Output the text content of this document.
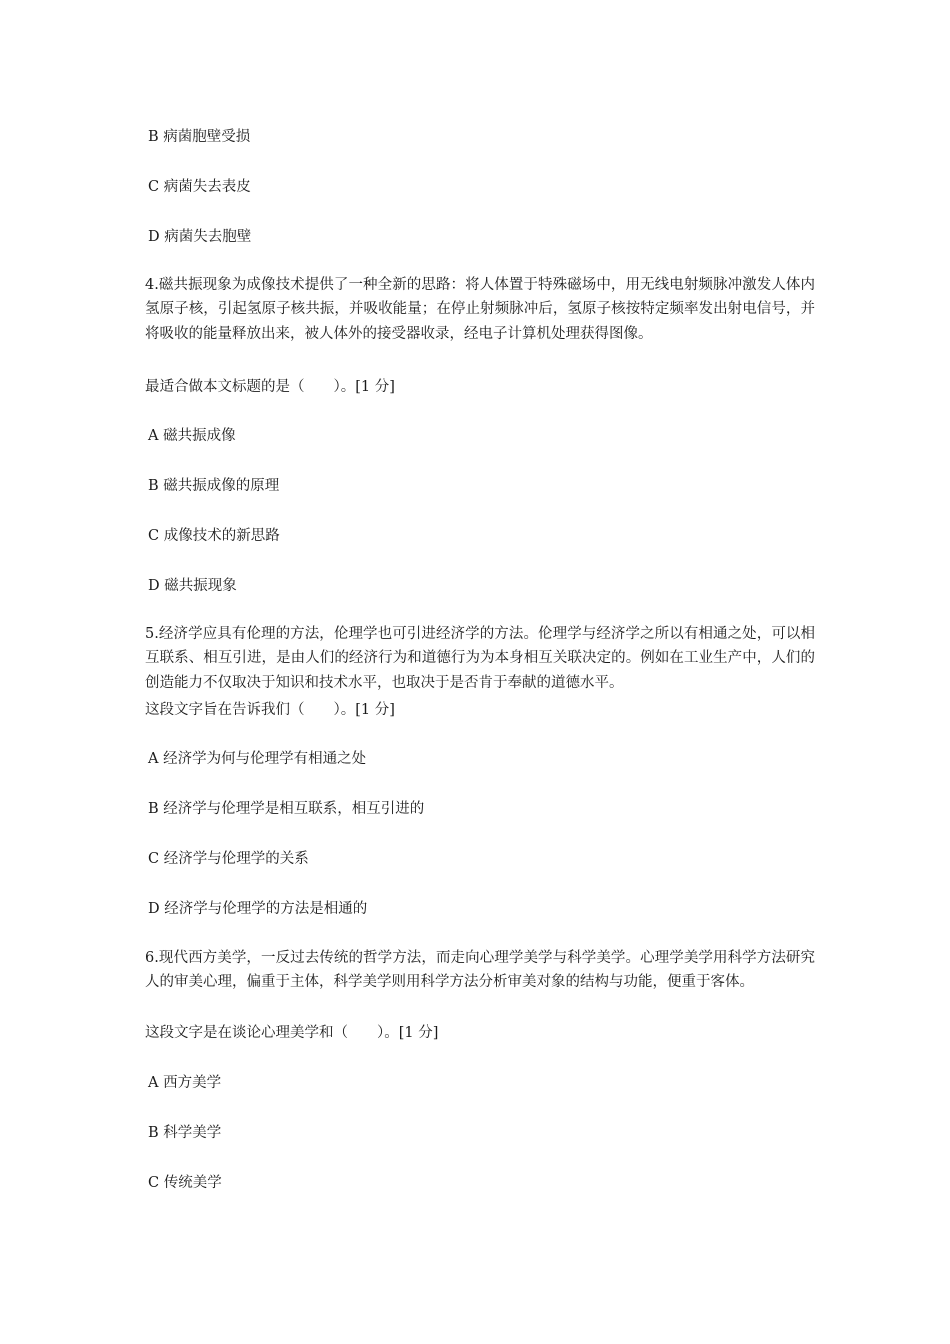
B 病菌胞壁受损
C 病菌失去表皮
D 病菌失去胞壁
4.磁共振现象为成像技术提供了一种全新的思路：将人体置于特殊磁场中，用无线电射频脉冲激发人体内氢原子核，引起氢原子核共振，并吸收能量；在停止射频脉冲后，氢原子核按特定频率发出射电信号，并将吸收的能量释放出来，被人体外的接受器收录，经电子计算机处理获得图像。
最适合做本文标题的是（　　）。[1 分]
A 磁共振成像
B 磁共振成像的原理
C 成像技术的新思路
D 磁共振现象
5.经济学应具有伦理的方法，伦理学也可引进经济学的方法。伦理学与经济学之所以有相通之处，可以相互联系、相互引进，是由人们的经济行为和道德行为为本身相互关联决定的。例如在工业生产中，人们的创造能力不仅取决于知识和技术水平，也取决于是否肯于奉献的道德水平。
这段文字旨在告诉我们（　　）。[1 分]
A 经济学为何与伦理学有相通之处
B 经济学与伦理学是相互联系，相互引进的
C 经济学与伦理学的关系
D 经济学与伦理学的方法是相通的
6.现代西方美学，一反过去传统的哲学方法，而走向心理学美学与科学美学。心理学美学用科学方法研究人的审美心理，偏重于主体，科学美学则用科学方法分析审美对象的结构与功能，便重于客体。
这段文字是在谈论心理美学和（　　）。[1 分]
A 西方美学
B 科学美学
C 传统美学
